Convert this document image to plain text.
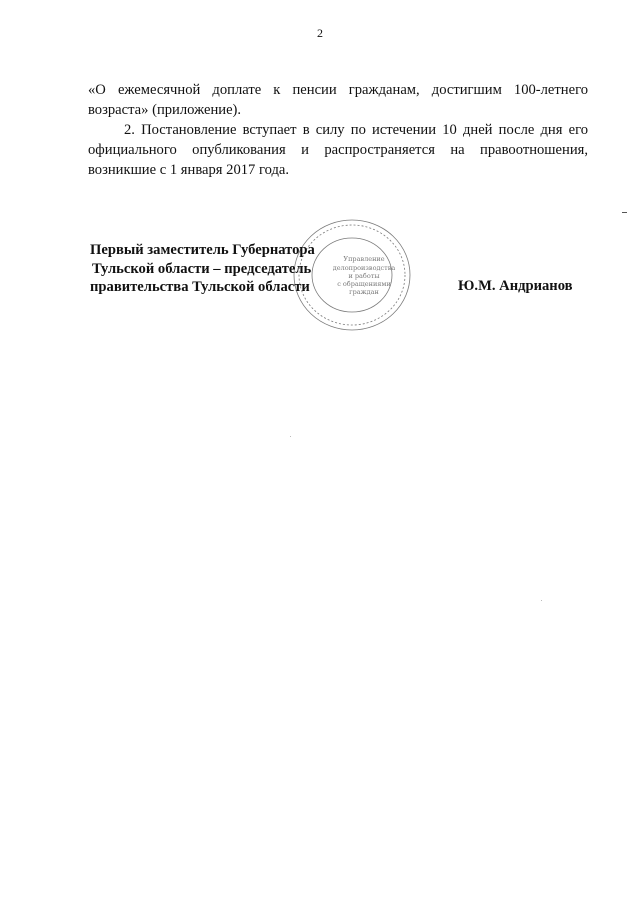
2

«О ежемесячной доплате к пенсии гражданам, достигшим 100-летнего
возраста» (приложение).

2. Постановление вступает в силу по истечении 10 дней после дня его
официального опубликования и распространяется на правоотношения,
возникшие с 1 января 2017 года.

Управление
делопроизводства
и работы
с обращениями
граждан
Первый заместитель Губернатора
Тульской области – председатель
правительства Тульской области	Ю.М. Андрианов
